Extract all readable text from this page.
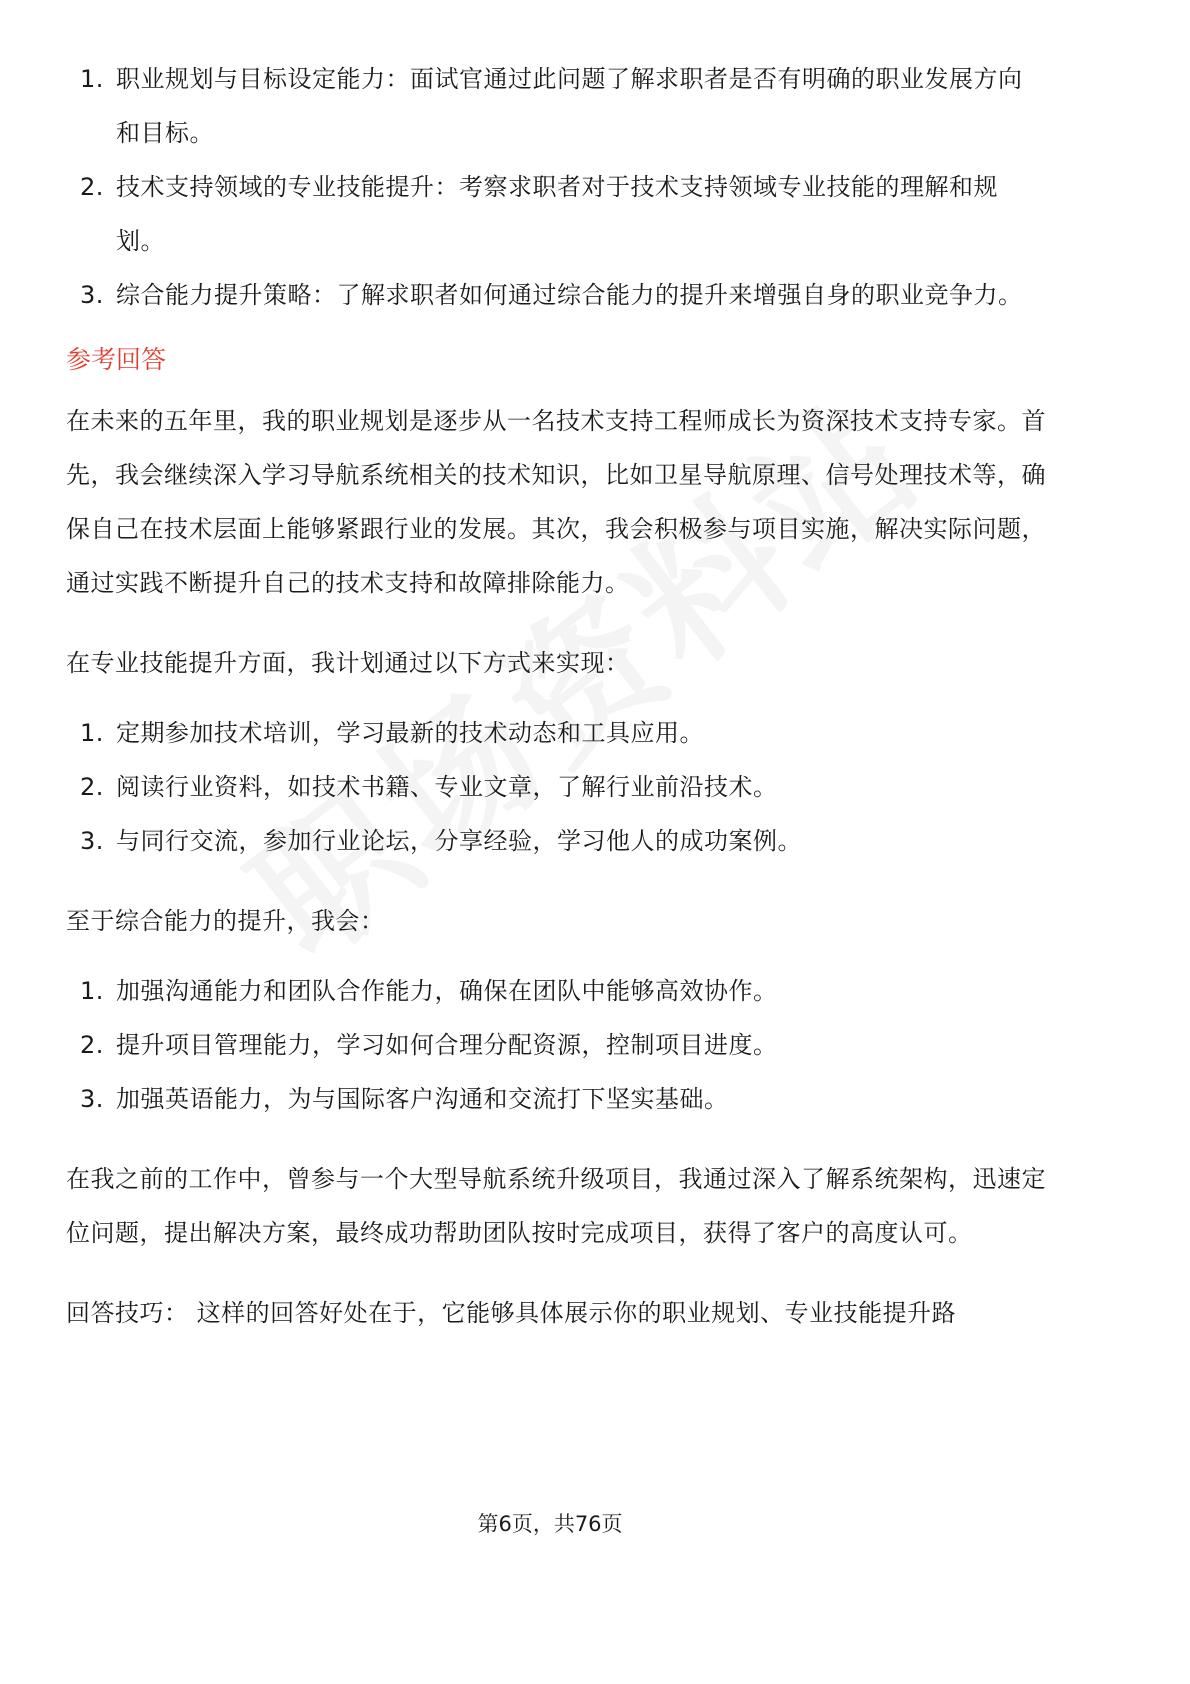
1. 职业规划与目标设定能力：面试官通过此问题了解求职者是否有明确的职业发展方向和目标。
2. 技术支持领域的专业技能提升：考察求职者对于技术支持领域专业技能的理解和规划。
3. 综合能力提升策略：了解求职者如何通过综合能力的提升来增强自身的职业竞争力。
参考回答

在未来的五年里，我的职业规划是逐步从一名技术支持工程师成长为资深技术支持专家。首先，我会继续深入学习导航系统相关的技术知识，比如卫星导航原理、信号处理技术等，确保自己在技术层面上能够紧跟行业的发展。其次，我会积极参与项目实施，解决实际问题，通过实践不断提升自己的技术支持和故障排除能力。

在专业技能提升方面，我计划通过以下方式来实现：

1. 定期参加技术培训，学习最新的技术动态和工具应用。
2. 阅读行业资料，如技术书籍、专业文章，了解行业前沿技术。
3. 与同行交流，参加行业论坛，分享经验，学习他人的成功案例。

至于综合能力的提升，我会：

1. 加强沟通能力和团队合作能力，确保在团队中能够高效协作。
2. 提升项目管理能力，学习如何合理分配资源，控制项目进度。
3. 加强英语能力，为与国际客户沟通和交流打下坚实基础。

在我之前的工作中，曾参与一个大型导航系统升级项目，我通过深入了解系统架构，迅速定位问题，提出解决方案，最终成功帮助团队按时完成项目，获得了客户的高度认可。

回答技巧： 这样的回答好处在于，它能够具体展示你的职业规划、专业技能提升路

第6页，共76页
